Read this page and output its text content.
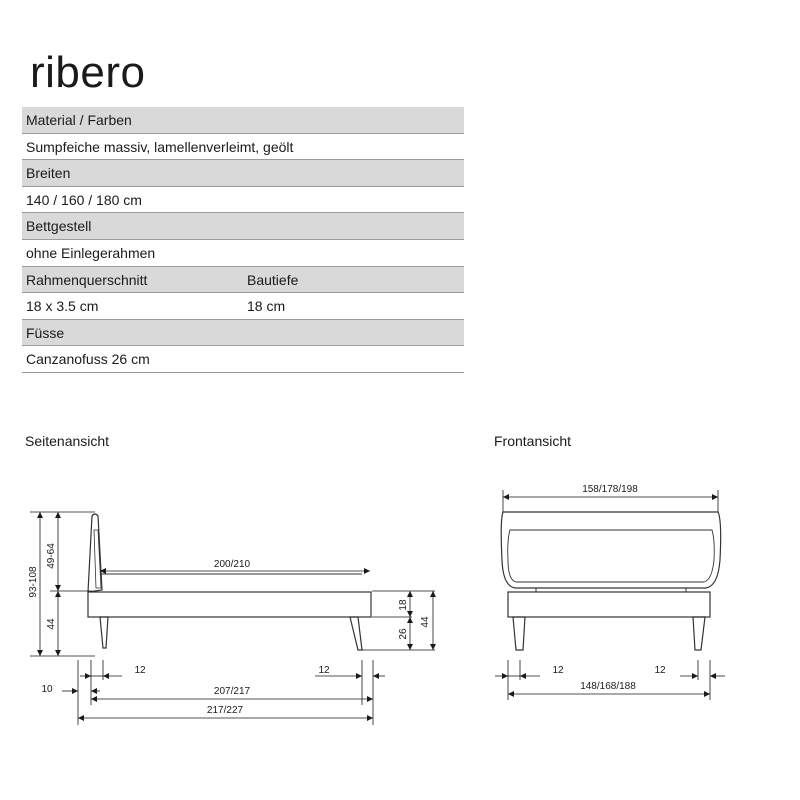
ribero
Material / Farben
Sumpfeiche massiv, lamellenverleimt, geölt
Breiten
140 / 160 / 180 cm
Bettgestell
ohne Einlegerahmen
Rahmenquerschnitt	Bautiefe
18 x 3.5 cm	18 cm
Füsse
Canzanofuss 26 cm
Seitenansicht	Frontansicht
93-108
49-64
44
200/210
18
26
44
12	12
10	207/217
217/227
158/178/198
12	12
148/168/188
